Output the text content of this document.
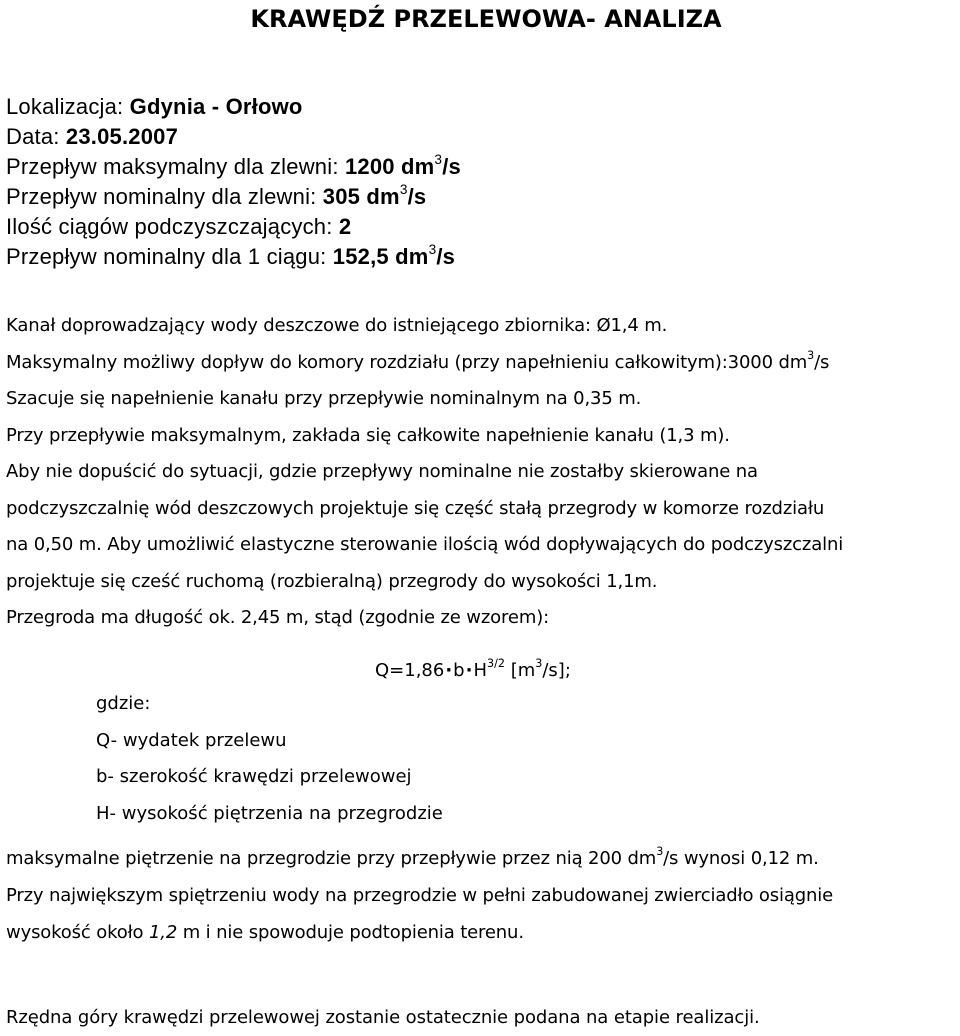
KRAWĘDŹ PRZELEWOWA- ANALIZA
Lokalizacja: Gdynia - Orłowo
Data: 23.05.2007
Przepływ maksymalny dla zlewni: 1200 $dm^3/s$
Przepływ nominalny dla zlewni: 305 $dm^3/s$
Ilość ciągów podczyszczających: 2
Przepływ nominalny dla 1 ciągu: 152,5 $dm^3/s$
Kanał doprowadzający wody deszczowe do istniejącego zbiornika: Ø1,4 m.
Maksymalny możliwy dopływ do komory rozdziału (przy napełnieniu całkowitym):3000 $dm^3/s$
Szacuje się napełnienie kanału przy przepływie nominalnym na 0,35 m.
Przy przepływie maksymalnym, zakłada się całkowite napełnienie kanału (1,3 m).
Aby nie dopuścić do sytuacji, gdzie przepływy nominalne nie zostałby skierowane na
podczyszczalnię wód deszczowych projektuje się część stałą przegrody w komorze rozdziału
na 0,50 m. Aby umożliwić elastyczne sterowanie ilością wód dopływających do podczyszczalni
projektuje się cześć ruchomą (rozbieralną) przegrody do wysokości 1,1m.
Przegroda ma długość ok. 2,45 m, stąd (zgodnie ze wzorem):
$Q=1,86\cdot b\cdot H^{3/2}$ $[m^3/s]$;
gdzie:
Q- wydatek przelewu
b- szerokość krawędzi przelewowej
H- wysokość piętrzenia na przegrodzie
maksymalne piętrzenie na przegrodzie przy przepływie przez nią 200 $dm^3/s$ wynosi 0,12 m.
Przy największym spiętrzeniu wody na przegrodzie w pełni zabudowanej zwierciadło osiągnie
wysokość około 1,2 m i nie spowoduje podtopienia terenu.
Rzędna góry krawędzi przelewowej zostanie ostatecznie podana na etapie realizacji.
